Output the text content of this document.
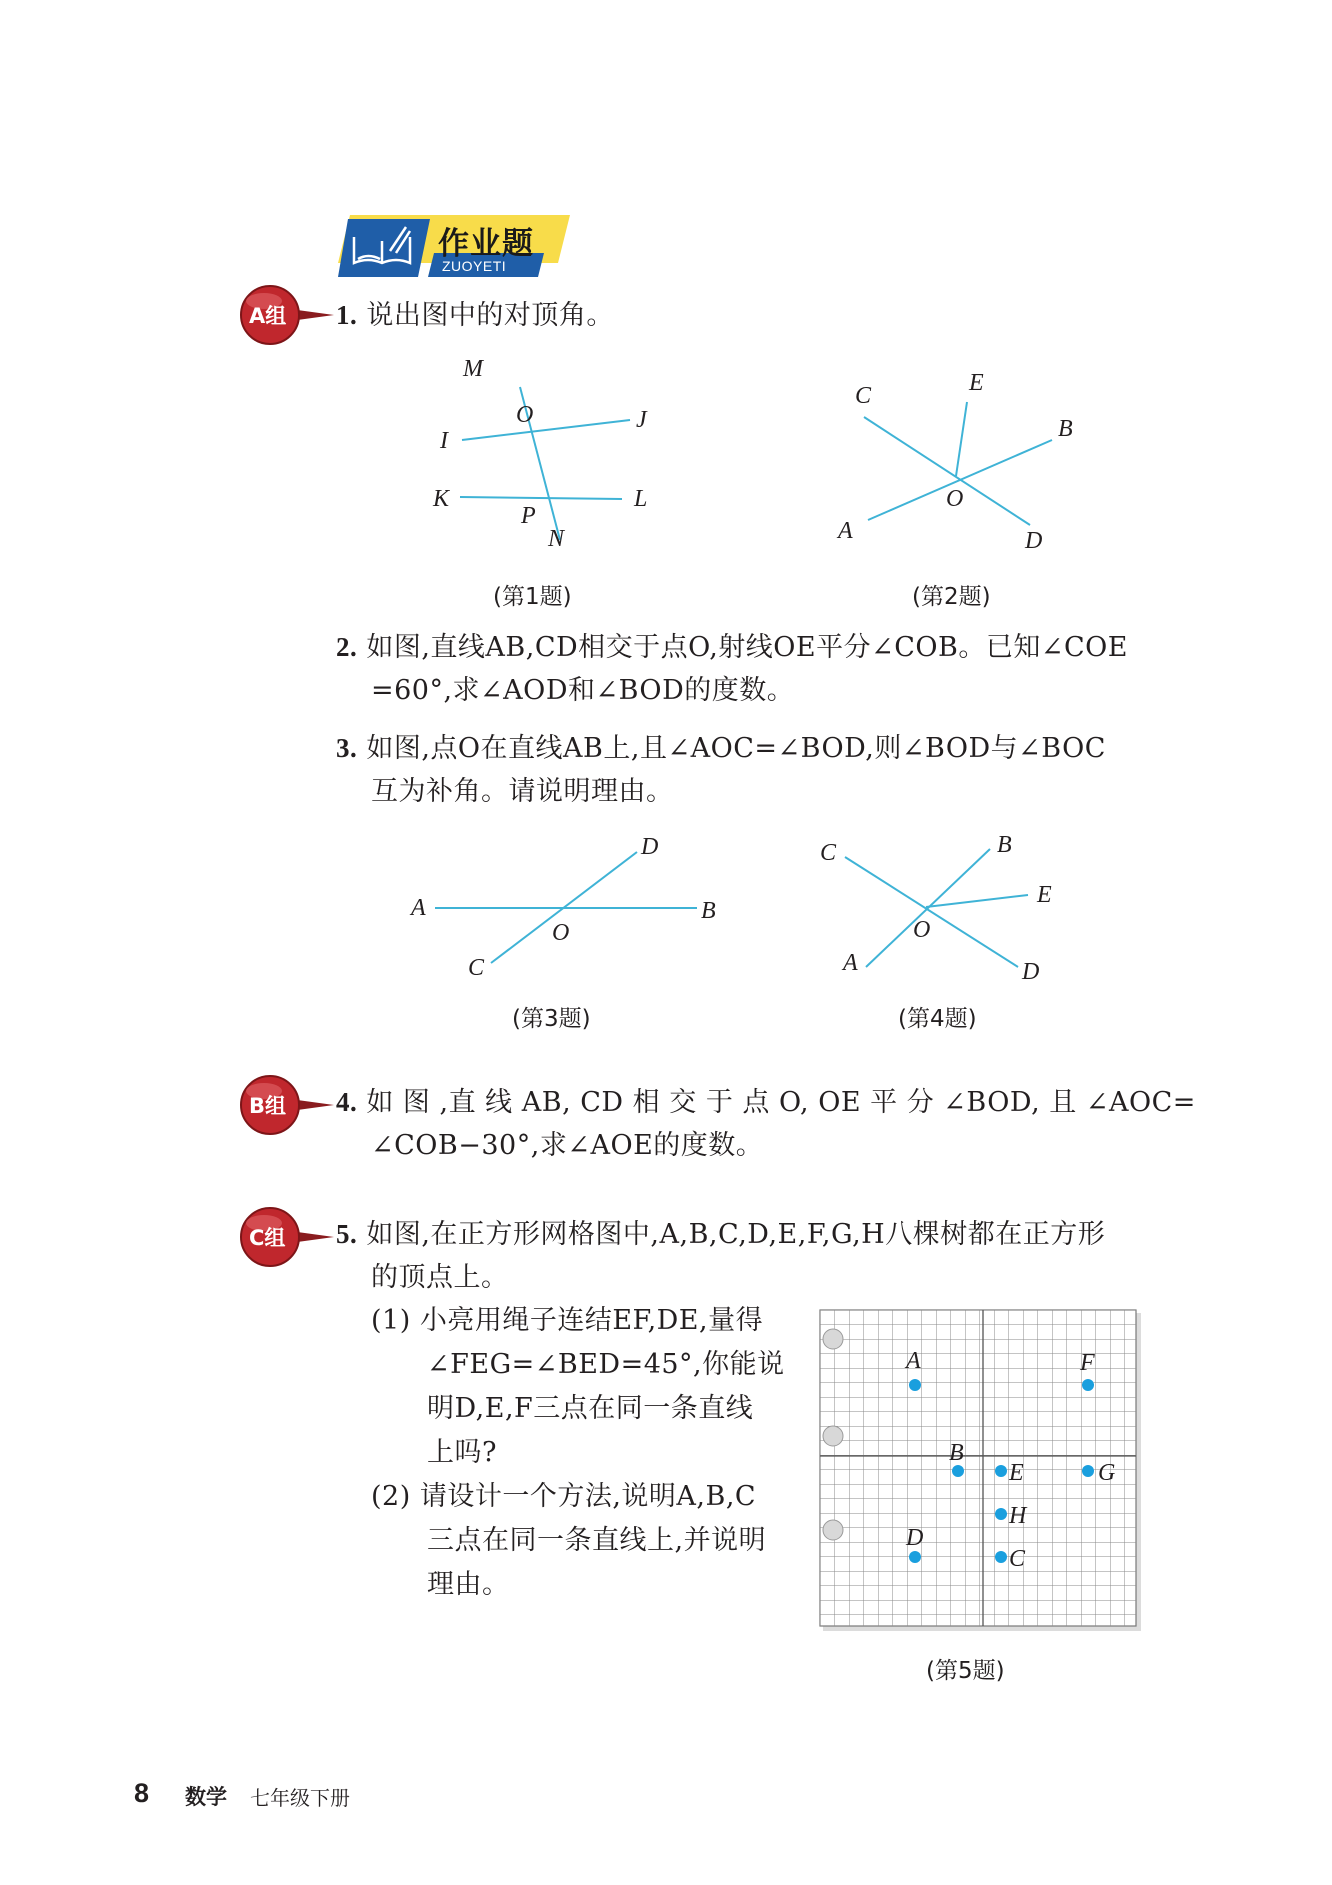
作业题
ZUOYETI
A组
B组
C组
1. 说出图中的对顶角。
M
O	J
I
K	L
P
N
(第1题)
C	E
B
O
A	D
(第2题)
2. 如图,直线AB,CD相交于点O,射线OE平分∠COB。已知∠COE
=60°,求∠AOD和∠BOD的度数。
3. 如图,点O在直线AB上,且∠AOC=∠BOD,则∠BOD与∠BOC
互为补角。请说明理由。
D
A	B
O
C
(第3题)
C	B
E
O
A	D
(第4题)
4. 如 图 ,直 线 AB, CD 相 交 于 点 O, OE 平 分 ∠BOD, 且 ∠AOC=
∠COB−30°,求∠AOE的度数。
5. 如图,在正方形网格图中,A,B,C,D,E,F,G,H八棵树都在正方形
的顶点上。
(1) 小亮用绳子连结EF,DE,量得
∠FEG=∠BED=45°,你能说
明D,E,F三点在同一条直线
上吗?
(2) 请设计一个方法,说明A,B,C
三点在同一条直线上,并说明
理由。
A	F
B
E	G
H
D
C
(第5题)
8 数学 七年级下册
